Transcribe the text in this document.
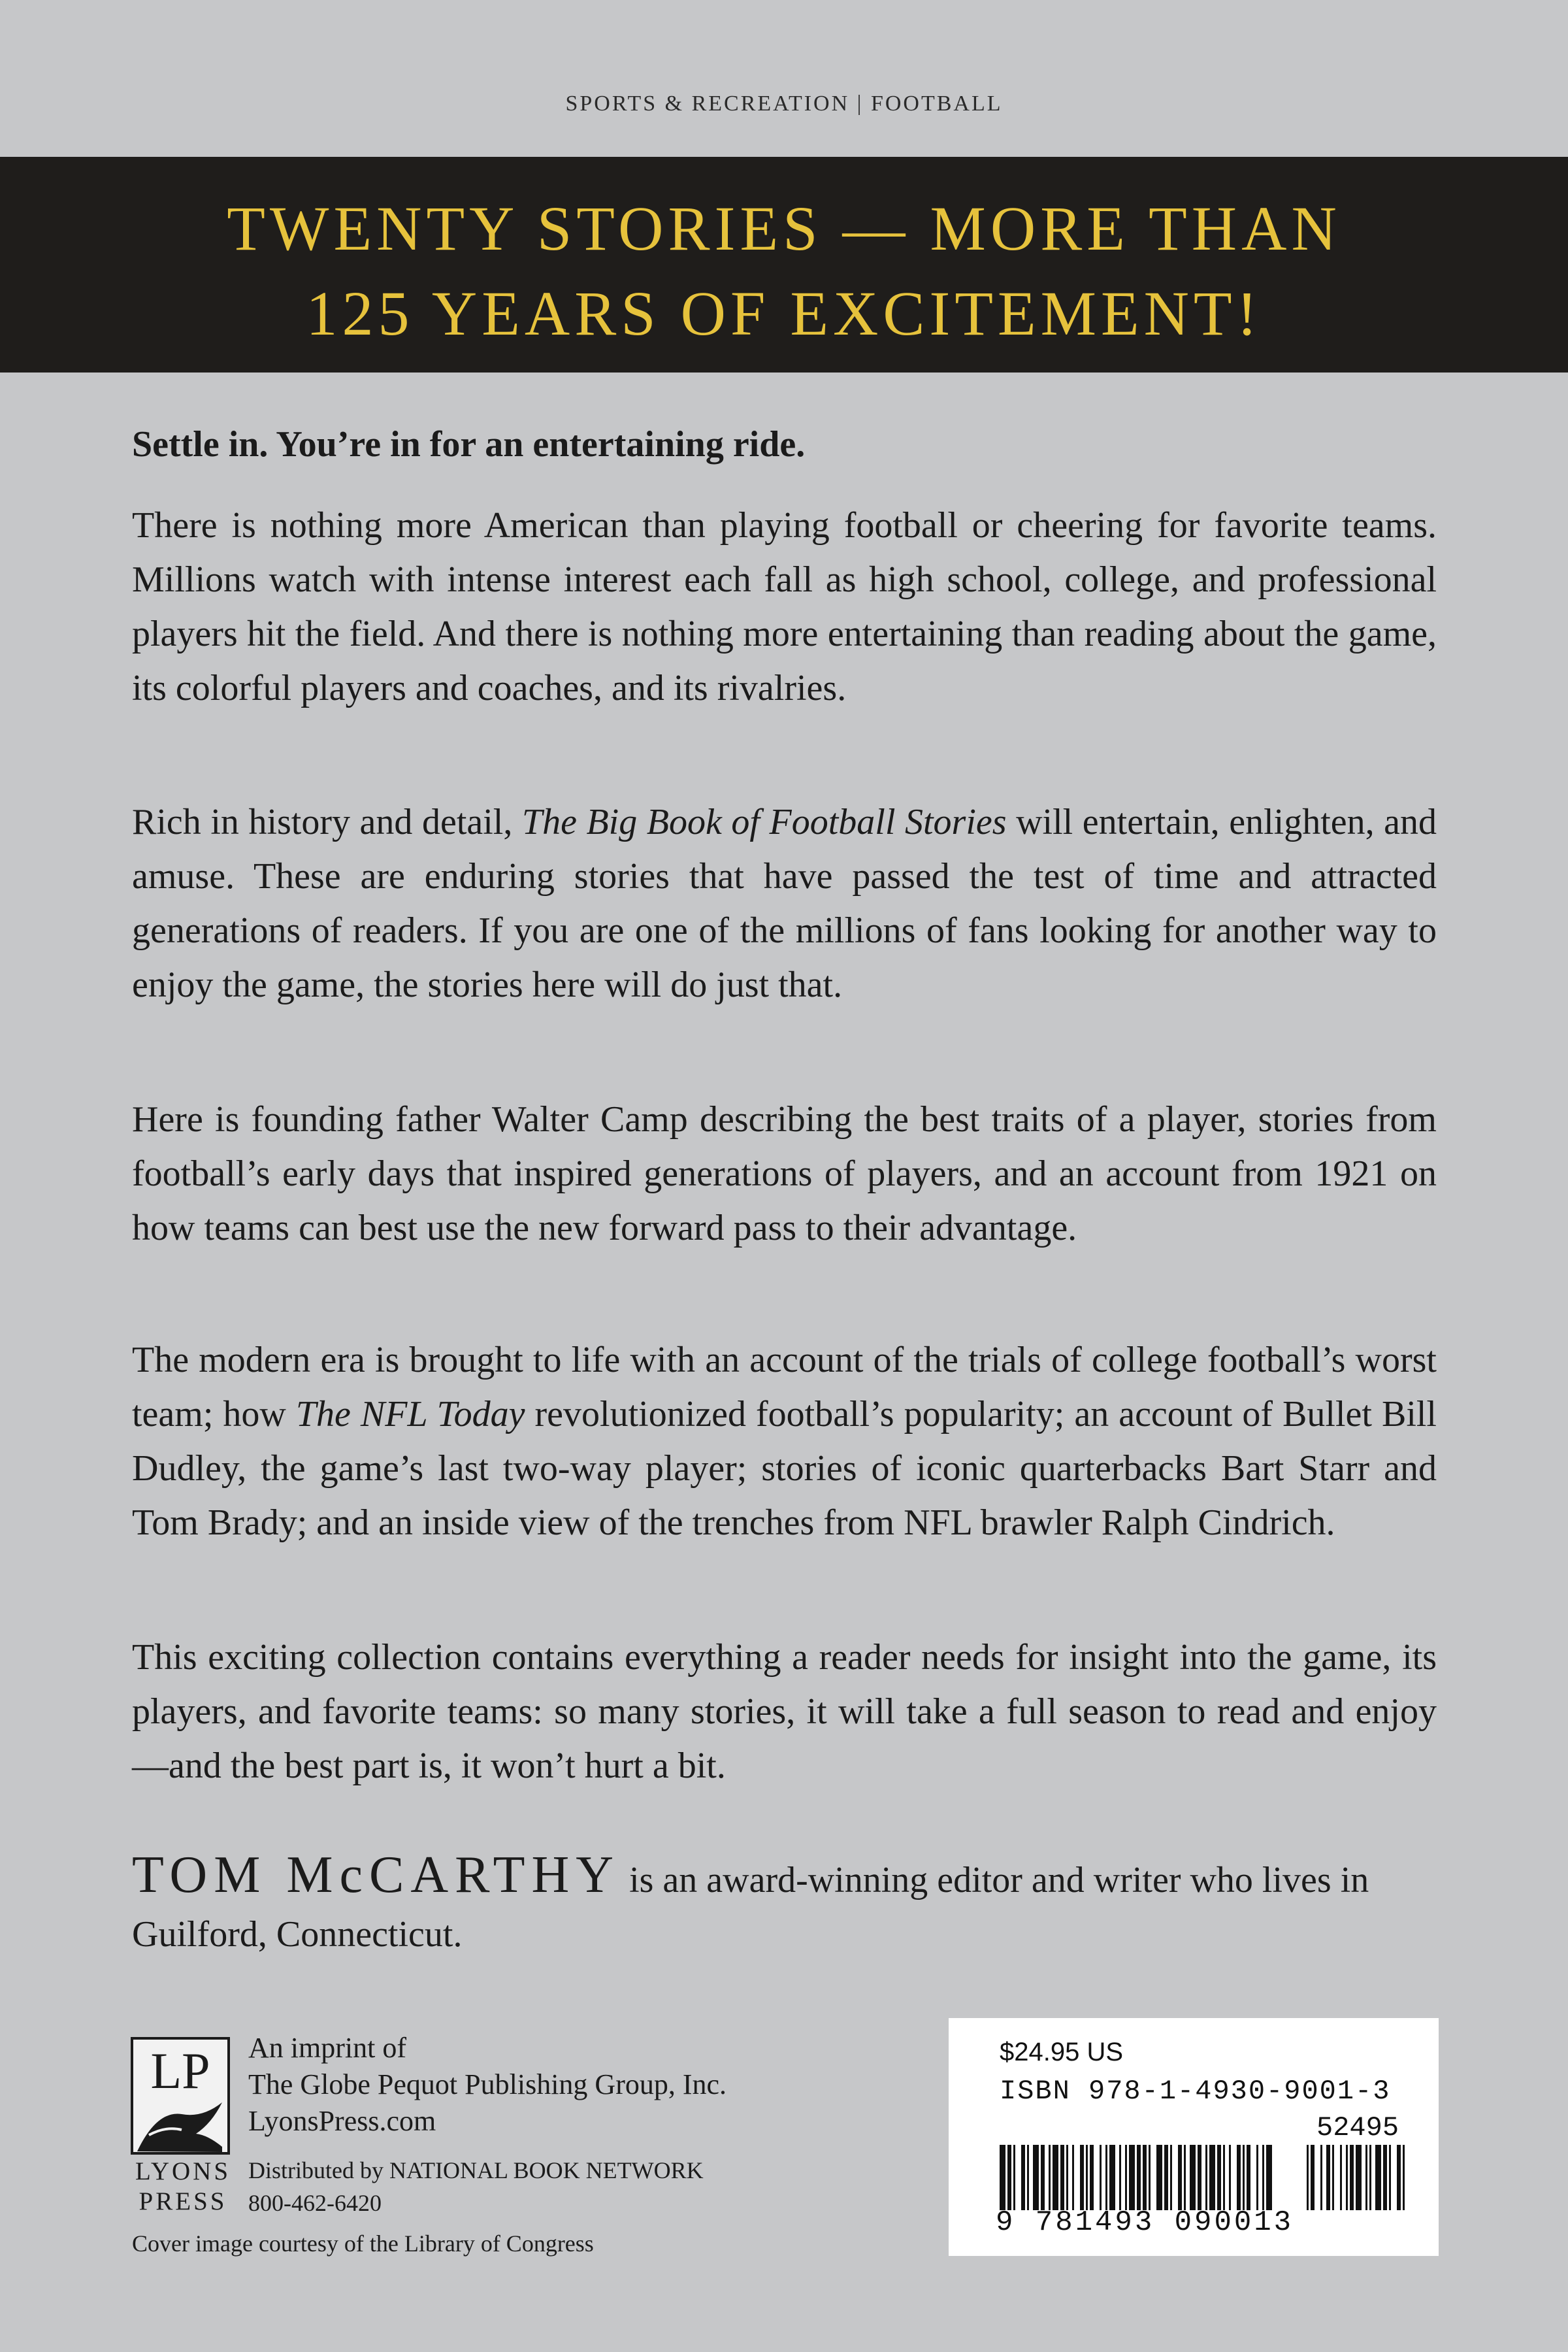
SPORTS & RECREATION | FOOTBALL
TWENTY STORIES — MORE THAN
125 YEARS OF EXCITEMENT!
Settle in. You’re in for an entertaining ride.

There is nothing more American than playing football or cheering for favorite teams. Millions watch with intense interest each fall as high school, college, and professional players hit the field. And there is nothing more entertaining than reading about the game, its colorful players and coaches, and its rivalries.

Rich in history and detail, The Big Book of Football Stories will entertain, enlighten, and amuse. These are enduring stories that have passed the test of time and attracted generations of readers. If you are one of the millions of fans looking for another way to enjoy the game, the stories here will do just that.

Here is founding father Walter Camp describing the best traits of a player, stories from football’s early days that inspired generations of players, and an account from 1921 on how teams can best use the new forward pass to their advantage.

The modern era is brought to life with an account of the trials of college football’s worst team; how The NFL Today revolutionized football’s popularity; an account of Bullet Bill Dudley, the game’s last two-way player; stories of iconic quarterbacks Bart Starr and Tom Brady; and an inside view of the trenches from NFL brawler Ralph Cindrich.

This exciting collection contains everything a reader needs for insight into the game, its players, and favorite teams: so many stories, it will take a full season to read and enjoy—and the best part is, it won’t hurt a bit.

TOM McCARTHY is an award-winning editor and writer who lives in Guilford, Connecticut.
LP
LYONS
PRESS
An imprint of
The Globe Pequot Publishing Group, Inc.
LyonsPress.com
Distributed by NATIONAL BOOK NETWORK
800-462-6420
Cover image courtesy of the Library of Congress
$24.95 US
ISBN 978-1-4930-9001-3
52495
9 781493 090013
